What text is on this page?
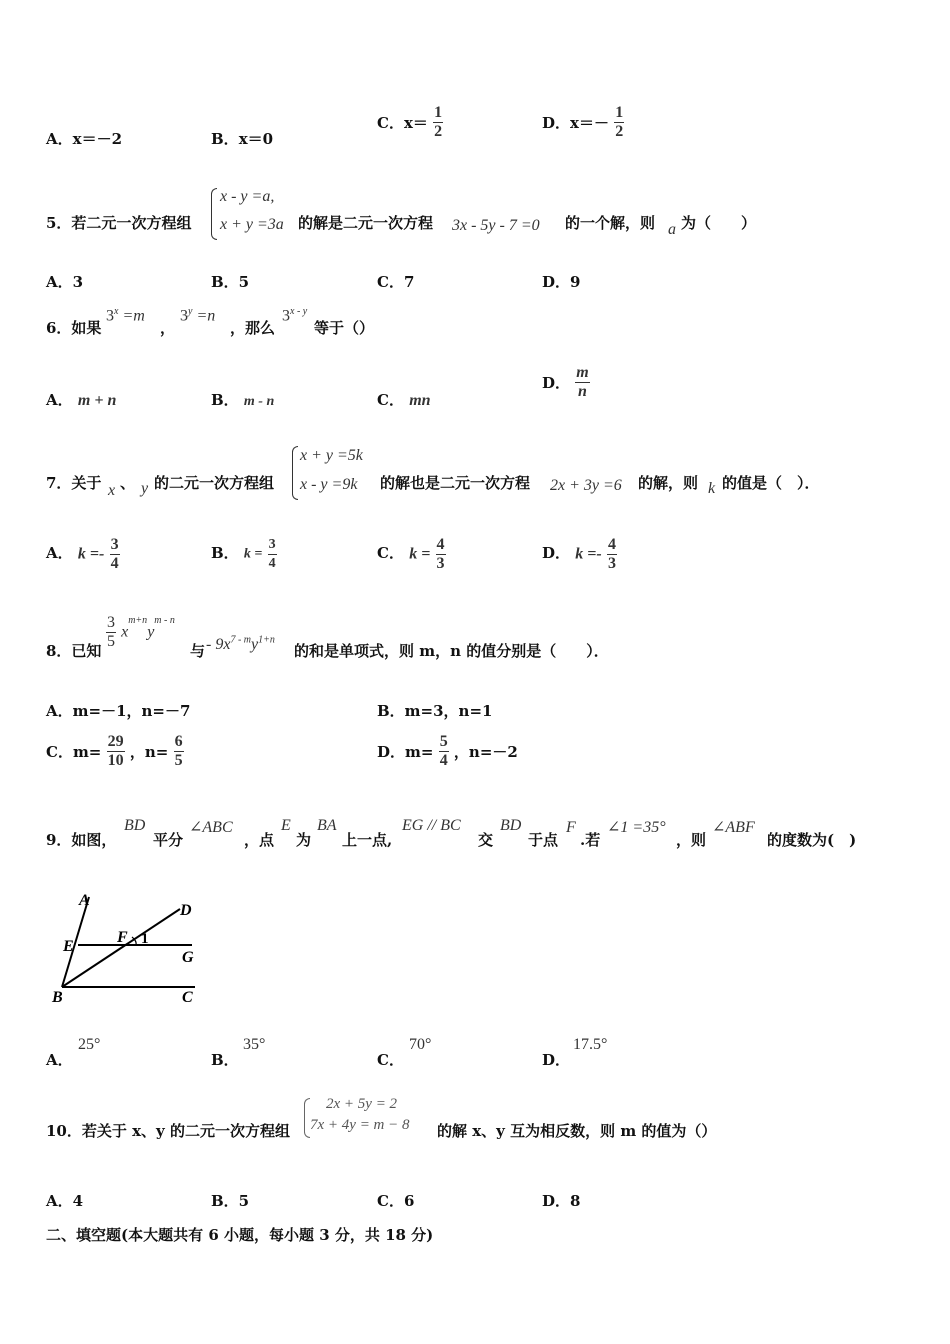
A．x＝－2	B．x＝0
C．$x= \frac{1}{2}$	D．$x=- \frac{1}{2}$
5．若二元一次方程组
x - y =a,
x + y =3a 的解是二元一次方程 3x - 5y - 7 =0 的一个解，则 a 为（　　）
A．3	B．5	C．7	D．9
6．如果
$3^x =m$
，
$3^y =n$
，那么
3$^{x - y}$
等于（）
A． m + n	B． m - n	C． mn
D． $\frac{m}{n}$
7．关于 x 、 y 的二元一次方程组
x + y =5k
x - y =9k 的解也是二元一次方程 2x + 3y =6 的解，则 k 的值是（　）．
A． $k =- \frac{3}{4}$	B． $k = \frac{3}{4}$	C． $k = \frac{4}{3}$	D． $k =- \frac{4}{3}$
8．已知 $\frac{3}{5} x^{m+n}y^{m - n}$
与 - $9x^{7 - m}y^{1+n}$
的和是单项式，则 m，n 的值分别是（　　）．
A．m=－1，n=－7	B．m=3，n=1
C．$m= \frac{29}{10}$ ，$n= \frac{6}{5}$	D．$m= \frac{5}{4}$ ，n=－2
9．如图，
BD
平分
∠ABC
，点
E
为
BA
上一点,
EG // BC
交
BD
于点
F
.若
∠1 =35°
，则
∠ABF
的度数为(　)
A
D
E
F 1
G
B	C
A．
25°
B．
35°
C．
70°
D．
17.5°
10．若关于 x、y 的二元一次方程组
2x + 5y = 2
7x + 4y = m − 8 的解 x、y 互为相反数，则 m 的值为（）
A．4	B．5	C．6	D．8
二、填空题(本大题共有 6 小题，每小题 3 分，共 18 分)
